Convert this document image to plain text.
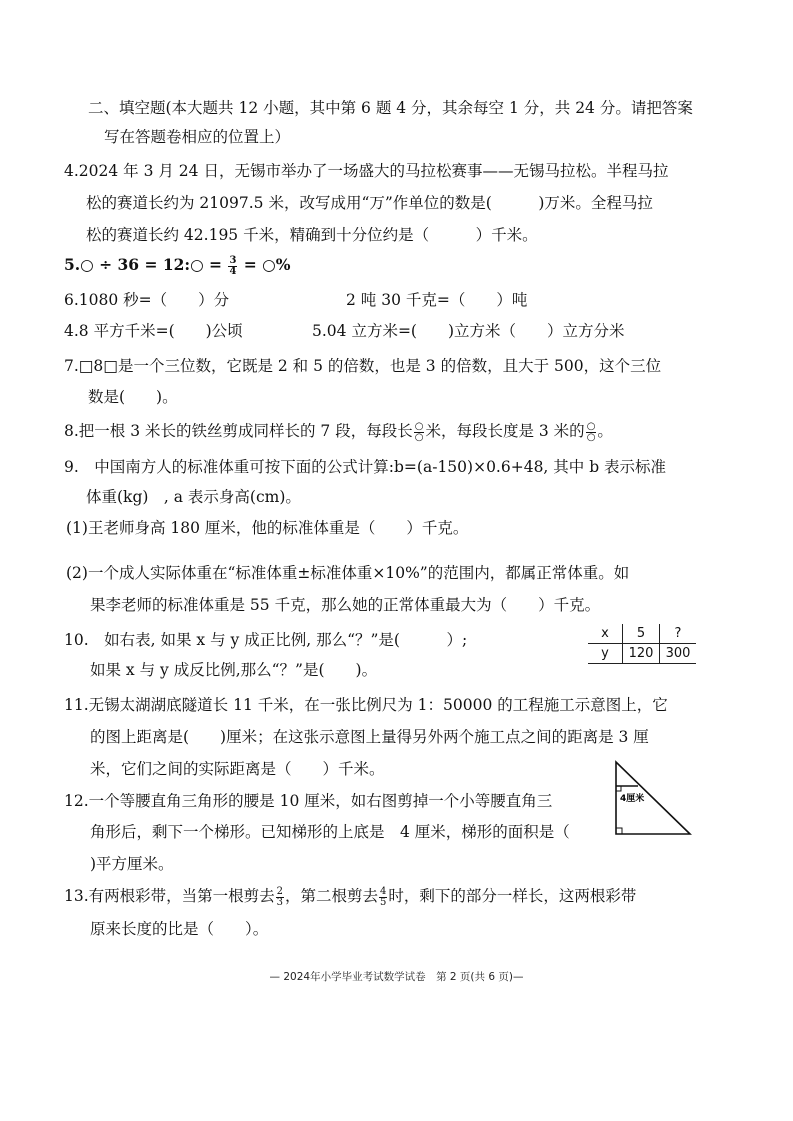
二、填空题(本大题共 12 小题，其中第 6 题 4 分，其余每空 1 分，共 24 分。请把答案
写在答题卷相应的位置上）
4.2024 年 3 月 24 日，无锡市举办了一场盛大的马拉松赛事——无锡马拉松。半程马拉
松的赛道长约为 21097.5 米，改写成用“万”作单位的数是(　　　)万米。全程马拉
松的赛道长约 42.195 千米，精确到十分位约是（　　　）千米。
5.○ ÷ 36 = 12:○ = $\frac{3}{4}$ = ○%
6.1080 秒=（　　）分	2 吨 30 千克=（　　）吨
4.8 平方千米=(　　)公顷	5.04 立方米=(　　)立方米（　　）立方分米
7.□8□是一个三位数，它既是 2 和 5 的倍数，也是 3 的倍数，且大于 500，这个三位
数是(　　)。
8.把一根 3 米长的铁丝剪成同样长的 7 段，每段长 $\frac{○}{○}$ 米，每段长度是 3 米的 $\frac{○}{○}$ 。
9.　中国南方人的标准体重可按下面的公式计算:b=(a-150)×0.6+48, 其中 b 表示标准
体重(kg)　, a 表示身高(cm)。
(1)王老师身高 180 厘米，他的标准体重是（　　）千克。
(2)一个成人实际体重在“标准体重±标准体重×10%”的范围内，都属正常体重。如
果李老师的标准体重是 55 千克，那么她的正常体重最大为（　　）千克。
10.　如右表, 如果 x 与 y 成正比例, 那么“？”是(　　　）;
如果 x 与 y 成反比例,那么“？”是(　　)。
x	5	?
y	120	300
11.无锡太湖湖底隧道长 11 千米，在一张比例尺为 1：50000 的工程施工示意图上，它
的图上距离是(　　)厘米；在这张示意图上量得另外两个施工点之间的距离是 3 厘
米，它们之间的实际距离是（　　）千米。
4厘米
12.一个等腰直角三角形的腰是 10 厘米，如右图剪掉一个小等腰直角三
角形后，剩下一个梯形。已知梯形的上底是　4 厘米，梯形的面积是（
)平方厘米。
13.有两根彩带，当第一根剪去 $\frac{2}{3}$ ，第二根剪去 $\frac{4}{5}$ 时，剩下的部分一样长，这两根彩带
原来长度的比是（　　）。
— 2024年小学毕业考试数学试卷　第 2 页(共 6 页)—
